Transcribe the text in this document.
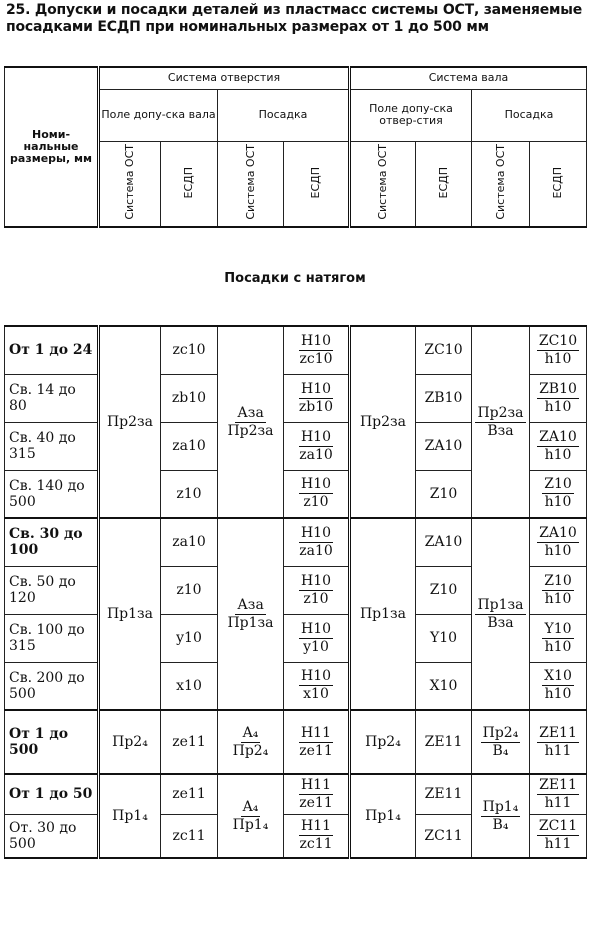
25. Допуски и посадки деталей из пластмасс системы ОСТ, заменяемые посадками ЕСДП при номинальных размерах от 1 до 500 мм
Номи-нальные размеры, мм	Система отверстия				Система вала			
	Поле допу-ска вала		Посадка		Поле допу-ска отвер-стия		Посадка	
	Система ОСТ	ЕСДП	Система ОСТ	ЕСДП	Система ОСТ	ЕСДП	Система ОСТ	ЕСДП
Посадки с натягом
От 1 до 24	Пр2за	zc10	$\frac{\text{Аза}}{Пр2за}$	$\frac{H10}{zc10}$	Пр2за	ZC10	$\frac{Пр2за}{\text{Bза}}$	$\frac{ZC10}{h10}$

Св. 14 до 80		zb10		$\frac{H10}{zb10}$		ZB10		$\frac{ZB10}{h10}$

Св. 40 до 315		za10		$\frac{H10}{za10}$		ZA10		$\frac{ZA10}{h10}$

Св. 140 до 500		z10		$\frac{H10}{z10}$		Z10		$\frac{Z10}{h10}$

Св. 30 до 100	Пр1за	za10	$\frac{\text{Аза}}{Пр1за}$	$\frac{H10}{za10}$	Пр1за	ZA10	$\frac{Пр1за}{\text{Bза}}$	$\frac{ZA10}{h10}$

Св. 50 до 120		z10		$\frac{H10}{z10}$		Z10		$\frac{Z10}{h10}$

Св. 100 до 315		y10		$\frac{H10}{y10}$		Y10		$\frac{Y10}{h10}$

Св. 200 до 500		x10		$\frac{H10}{x10}$		X10		$\frac{X10}{h10}$

От 1 до 500	Пр2₄	ze11	$\frac{\text{A₄}}{\text{Пр2₄}}$	$\frac{H11}{ze11}$	Пр2₄	ZE11	$\frac{\text{Пр2₄}}{\text{B₄}}$	$\frac{ZE11}{h11}$

От 1 до 50	Пр1₄	ze11	$\frac{\text{A₄}}{\text{Пр1₄}}$	$\frac{H11}{ze11}$	Пр1₄	ZE11	$\frac{\text{Пр1₄}}{\text{B₄}}$	$\frac{ZE11}{h11}$

От. 30 до 500		zc11		$\frac{H11}{zc11}$		ZC11		$\frac{ZC11}{h11}$
